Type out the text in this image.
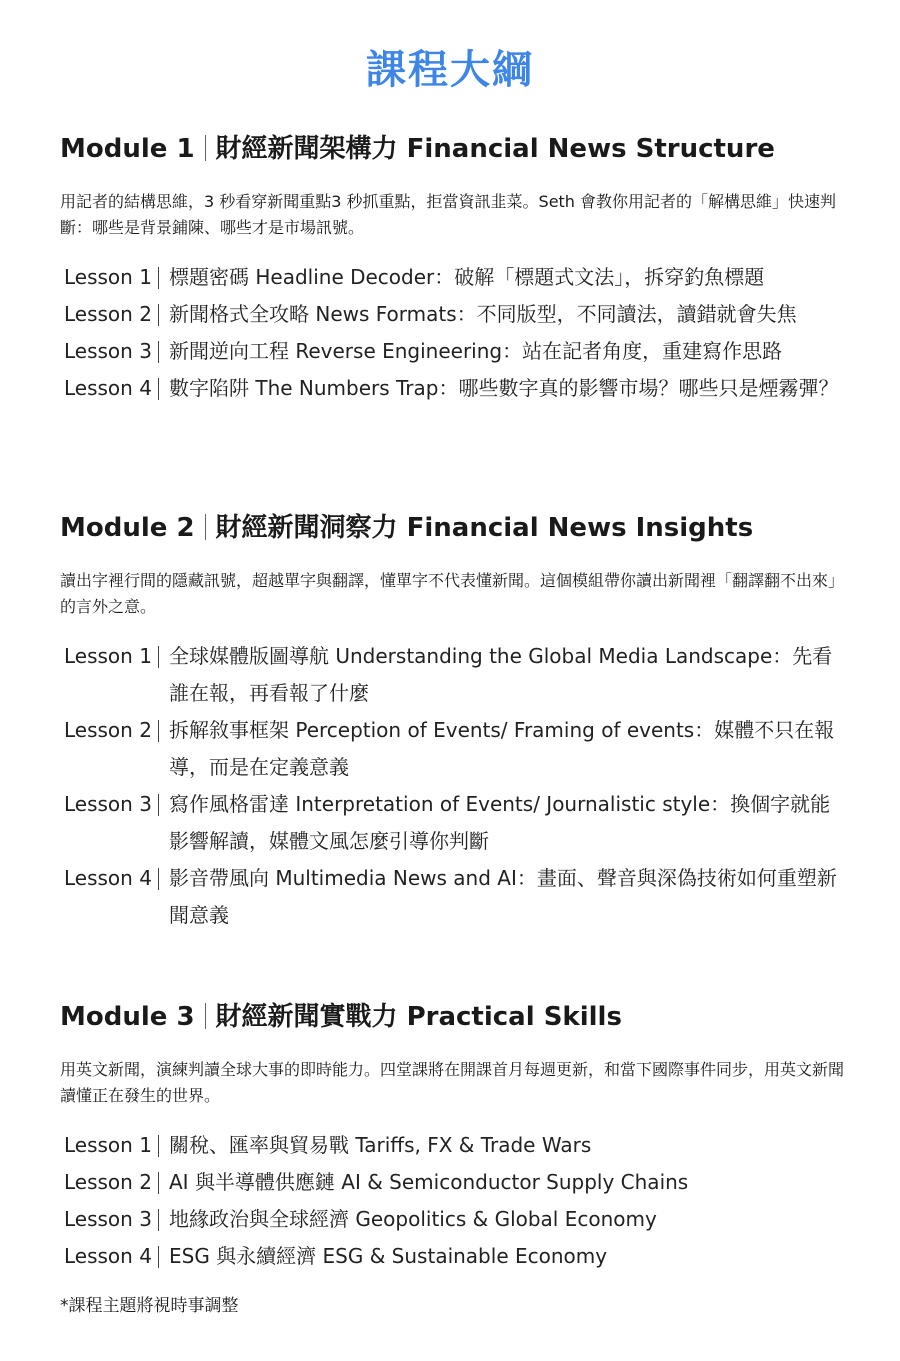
課程大綱
Module 1 財經新聞架構力 Financial News Structure

用記者的結構思維，3 秒看穿新聞重點3 秒抓重點，拒當資訊韭菜。Seth 會教你用記者的「解構思維」快速判斷：哪些是背景鋪陳、哪些才是市場訊號。

Lesson 1 標題密碼 Headline Decoder：破解「標題式文法」，拆穿釣魚標題
Lesson 2 新聞格式全攻略 News Formats：不同版型，不同讀法，讀錯就會失焦
Lesson 3 新聞逆向工程 Reverse Engineering：站在記者角度，重建寫作思路
Lesson 4 數字陷阱 The Numbers Trap：哪些數字真的影響市場？哪些只是煙霧彈？
Module 2 財經新聞洞察力 Financial News Insights

讀出字裡行間的隱藏訊號，超越單字與翻譯，懂單字不代表懂新聞。這個模組帶你讀出新聞裡「翻譯翻不出來」的言外之意。

Lesson 1 全球媒體版圖導航 Understanding the Global Media Landscape：先看誰在報，再看報了什麼
Lesson 2 拆解敘事框架 Perception of Events/ Framing of events：媒體不只在報導，而是在定義意義
Lesson 3 寫作風格雷達 Interpretation of Events/ Journalistic style：換個字就能影響解讀，媒體文風怎麼引導你判斷
Lesson 4 影音帶風向 Multimedia News and AI：畫面、聲音與深偽技術如何重塑新聞意義
Module 3 財經新聞實戰力 Practical Skills

用英文新聞，演練判讀全球大事的即時能力。四堂課將在開課首月每週更新，和當下國際事件同步，用英文新聞讀懂正在發生的世界。

Lesson 1 關稅、匯率與貿易戰 Tariffs, FX & Trade Wars
Lesson 2 AI 與半導體供應鏈 AI & Semiconductor Supply Chains
Lesson 3 地緣政治與全球經濟 Geopolitics & Global Economy
Lesson 4 ESG 與永續經濟 ESG & Sustainable Economy

*課程主題將視時事調整
